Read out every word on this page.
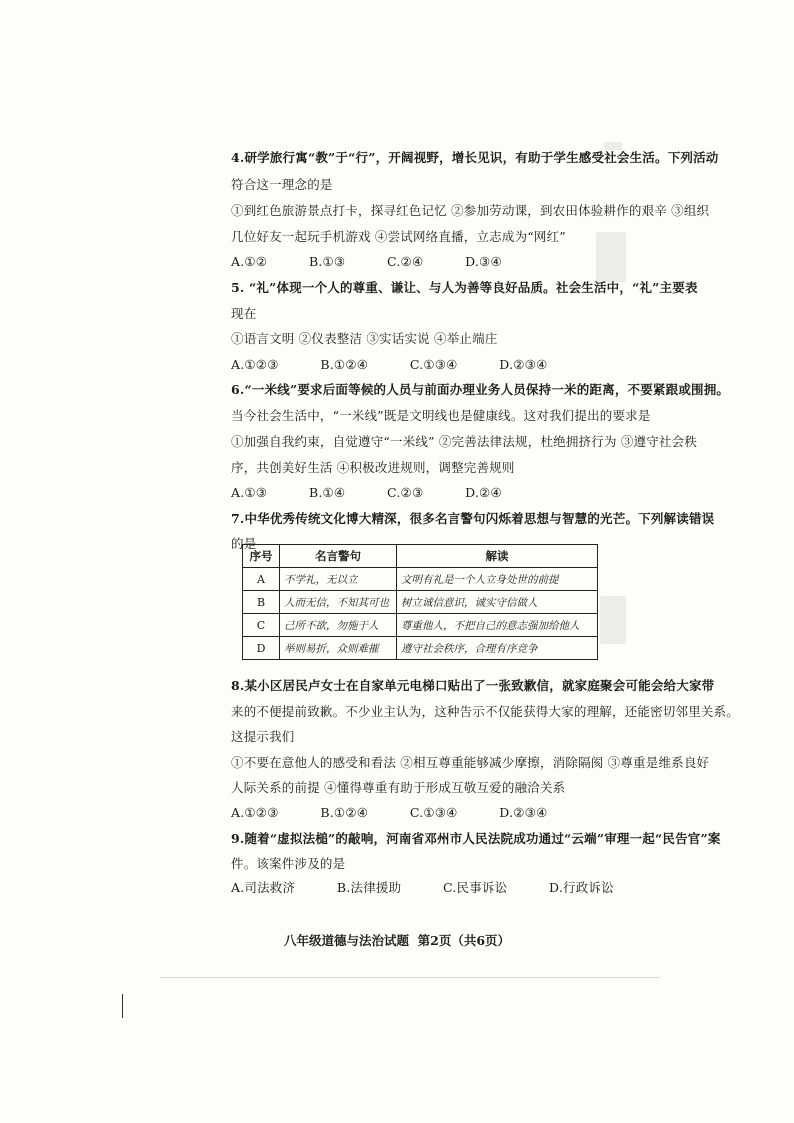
4.研学旅行寓“教”于“行”，开阔视野，增长见识，有助于学生感受社会生活。下列活动
符合这一理念的是
①到红色旅游景点打卡，探寻红色记忆 ②参加劳动课，到农田体验耕作的艰辛 ③组织
几位好友一起玩手机游戏 ④尝试网络直播，立志成为“网红”
A.①②          B.①③          C.②④          D.③④
5. “礼”体现一个人的尊重、谦让、与人为善等良好品质。社会生活中，“礼”主要表
现在
①语言文明 ②仪表整洁 ③实话实说 ④举止端庄
A.①②③          B.①②④          C.①③④          D.②③④
6.“一米线”要求后面等候的人员与前面办理业务人员保持一米的距离，不要紧跟或围拥。
当今社会生活中，“一米线”既是文明线也是健康线。这对我们提出的要求是
①加强自我约束，自觉遵守“一米线” ②完善法律法规，杜绝拥挤行为 ③遵守社会秩
序，共创美好生活 ④积极改进规则，调整完善规则
A.①③          B.①④          C.②③          D.②④
7.中华优秀传统文化博大精深，很多名言警句闪烁着思想与智慧的光芒。下列解读错误
的是
序号	名言警句	解读
A	不学礼，无以立	文明有礼是一个人立身处世的前提
B	人而无信，不知其可也	树立诚信意识，诚实守信做人
C	己所不欲，勿施于人	尊重他人，不把自己的意志强加给他人
D	举则易折，众则难摧	遵守社会秩序，合理有序竞争
8.某小区居民卢女士在自家单元电梯口贴出了一张致歉信，就家庭聚会可能会给大家带
来的不便提前致歉。不少业主认为，这种告示不仅能获得大家的理解，还能密切邻里关系。
这提示我们
①不要在意他人的感受和看法 ②相互尊重能够减少摩擦，消除隔阂 ③尊重是维系良好
人际关系的前提 ④懂得尊重有助于形成互敬互爱的融洽关系
A.①②③          B.①②④          C.①③④          D.②③④
9.随着“虚拟法槌”的敲响，河南省邓州市人民法院成功通过“云端”审理一起“民告官”案
件。该案件涉及的是
A.司法救济          B.法律援助          C.民事诉讼          D.行政诉讼
八年级道德与法治试题  第2页（共6页）
